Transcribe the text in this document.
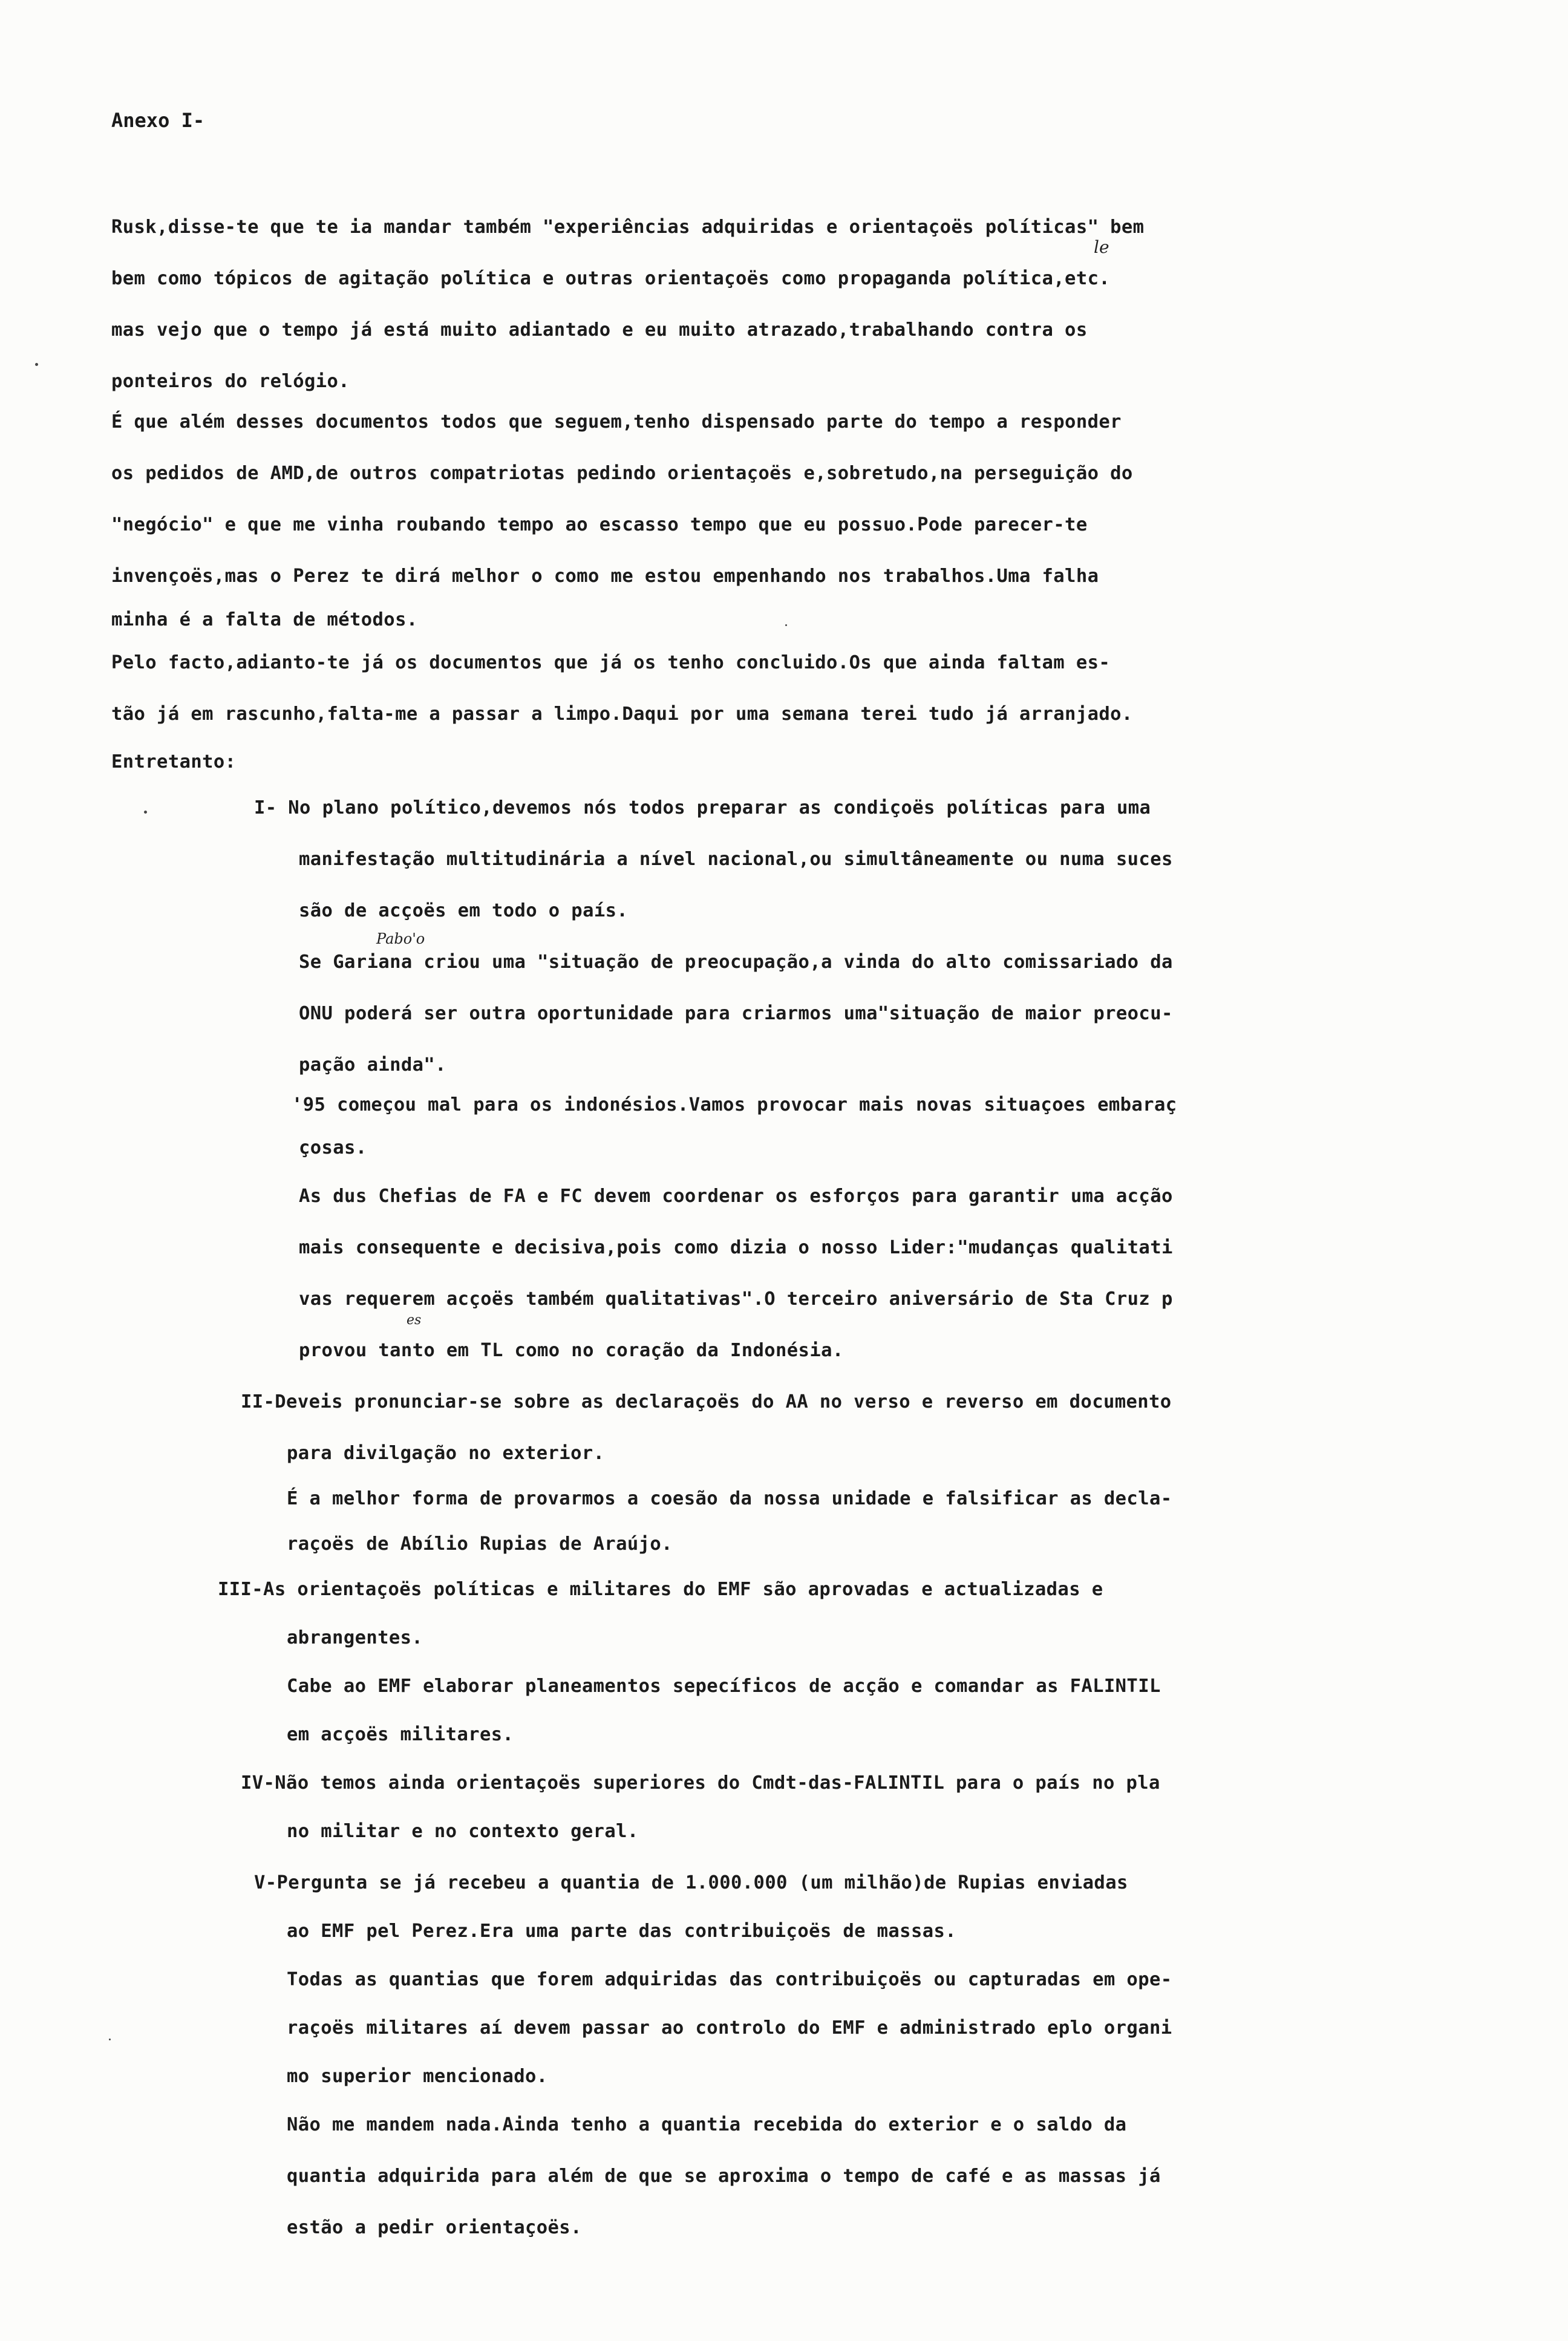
Anexo I-
Rusk,disse-te que te ia mandar também "experiências adquiridas e orientaçoës políticas" bem
bem como tópicos de agitação política e outras orientaçoës como propaganda política,etc.
mas vejo que o tempo já está muito adiantado e eu muito atrazado,trabalhando contra os
ponteiros do relógio.
É que além desses documentos todos que seguem,tenho dispensado parte do tempo a responder
os pedidos de AMD,de outros compatriotas pedindo orientaçoës e,sobretudo,na perseguição do
"negócio" e que me vinha roubando tempo ao escasso tempo que eu possuo.Pode parecer-te
invençoës,mas o Perez te dirá melhor o como me estou empenhando nos trabalhos.Uma falha
minha é a falta de métodos.
Pelo facto,adianto-te já os documentos que já os tenho concluido.Os que ainda faltam es-
tão já em rascunho,falta-me a passar a limpo.Daqui por uma semana terei tudo já arranjado.
Entretanto:
I- No plano político,devemos nós todos preparar as condiçoës políticas para uma
manifestação multitudinária a nível nacional,ou simultâneamente ou numa suces
são de acçoës em todo o país.
Se Gariana criou uma "situação de preocupação,a vinda do alto comissariado da
ONU poderá ser outra oportunidade para criarmos uma"situação de maior preocu-
pação ainda".
'95 começou mal para os indonésios.Vamos provocar mais novas situaçoes embaraç
çosas.
As dus Chefias de FA e FC devem coordenar os esforços para garantir uma acção
mais consequente e decisiva,pois como dizia o nosso Lider:"mudanças qualitati
vas requerem acçoës também qualitativas".O terceiro aniversário de Sta Cruz p
provou tanto em TL como no coração da Indonésia.
II-Deveis pronunciar-se sobre as declaraçoës do AA no verso e reverso em documento
para divilgação no exterior.
É a melhor forma de provarmos a coesão da nossa unidade e falsificar as decla-
raçoës de Abílio Rupias de Araújo.
III-As orientaçoës políticas e militares do EMF são aprovadas e actualizadas e
abrangentes.
Cabe ao EMF elaborar planeamentos sepecíficos de acção e comandar as FALINTIL
em acçoës militares.
IV-Não temos ainda orientaçoës superiores do Cmdt-das-FALINTIL para o país no pla
no militar e no contexto geral.
V-Pergunta se já recebeu a quantia de 1.000.000 (um milhão)de Rupias enviadas
ao EMF pel Perez.Era uma parte das contribuiçoës de massas.
Todas as quantias que forem adquiridas das contribuiçoës ou capturadas em ope-
raçoës militares aí devem passar ao controlo do EMF e administrado eplo organi
mo superior mencionado.
Não me mandem nada.Ainda tenho a quantia recebida do exterior e o saldo da
quantia adquirida para além de que se aproxima o tempo de café e as massas já
estão a pedir orientaçoës.
le
Pabo'o
es
